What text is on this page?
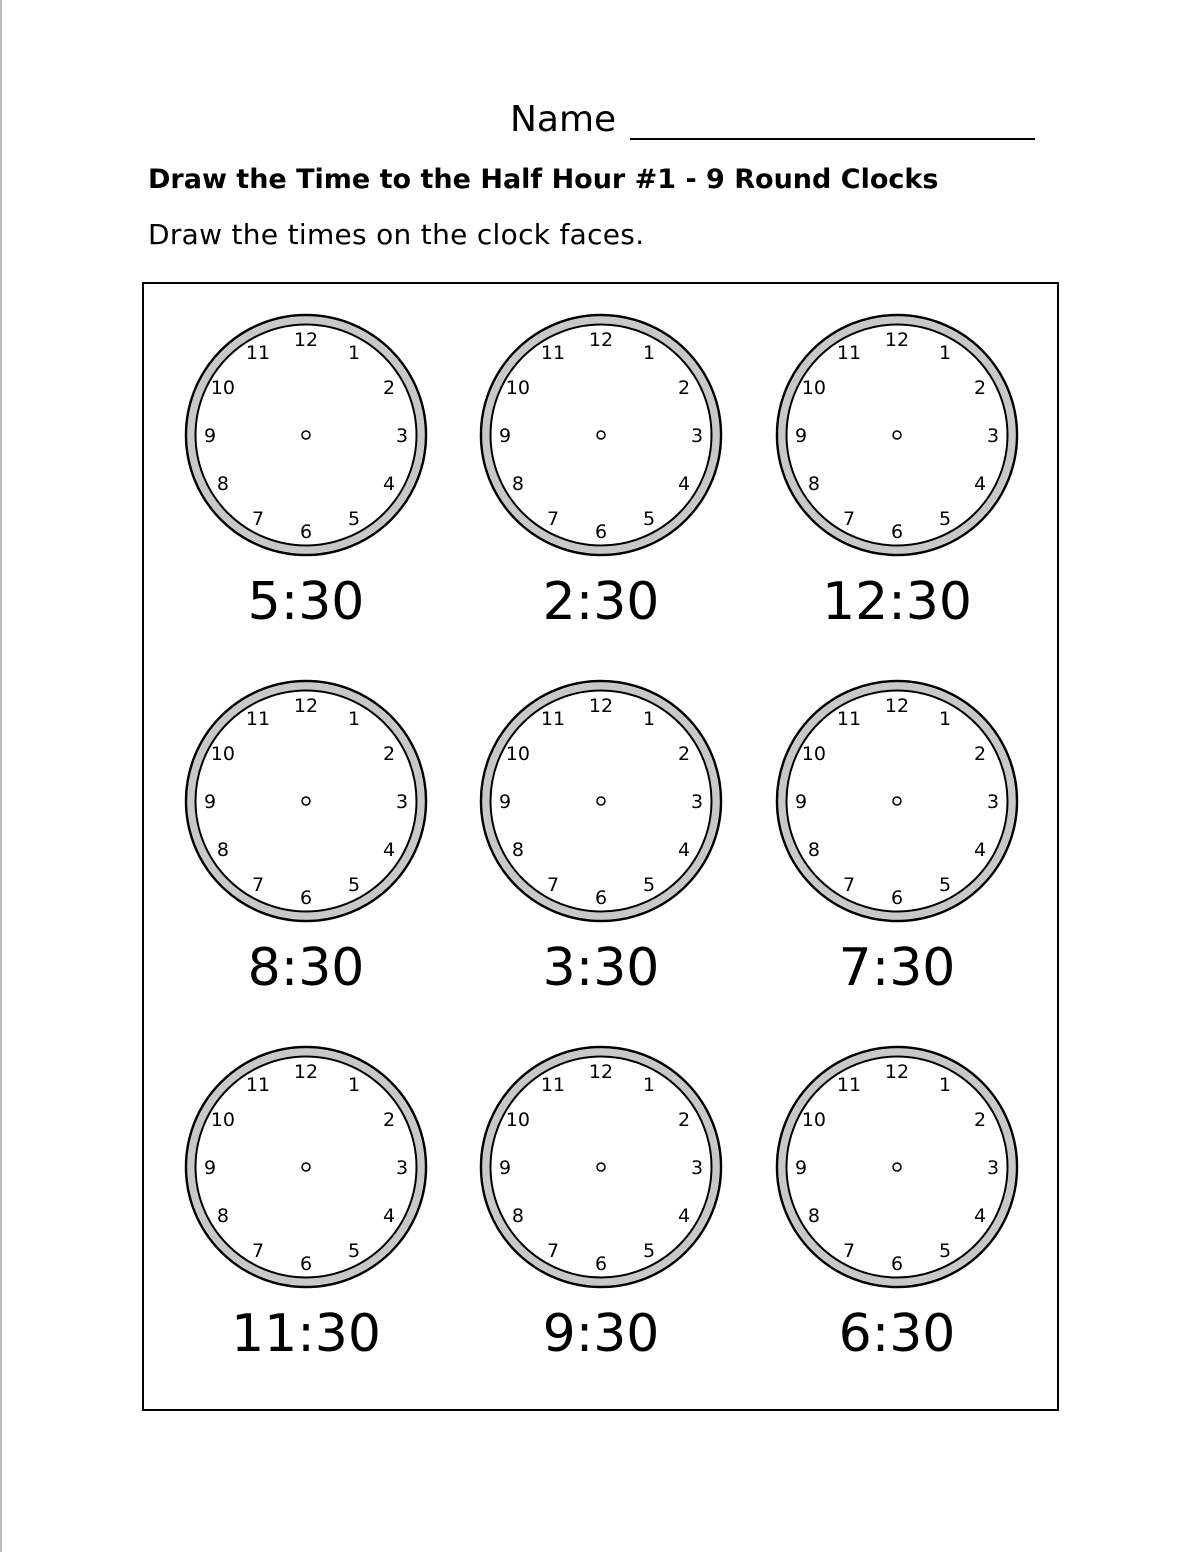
Name
Draw the Time to the Half Hour #1 - 9 Round Clocks
Draw the times on the clock faces.
12
1
2
3
4
5
6
7
8
9
10
11
5:30
12
1
2
3
4
5
6
7
8
9
10
11
2:30
12
1
2
3
4
5
6
7
8
9
10
11
12:30
12
1
2
3
4
5
6
7
8
9
10
11
8:30
12
1
2
3
4
5
6
7
8
9
10
11
3:30
12
1
2
3
4
5
6
7
8
9
10
11
7:30
12
1
2
3
4
5
6
7
8
9
10
11
11:30
12
1
2
3
4
5
6
7
8
9
10
11
9:30
12
1
2
3
4
5
6
7
8
9
10
11
6:30
